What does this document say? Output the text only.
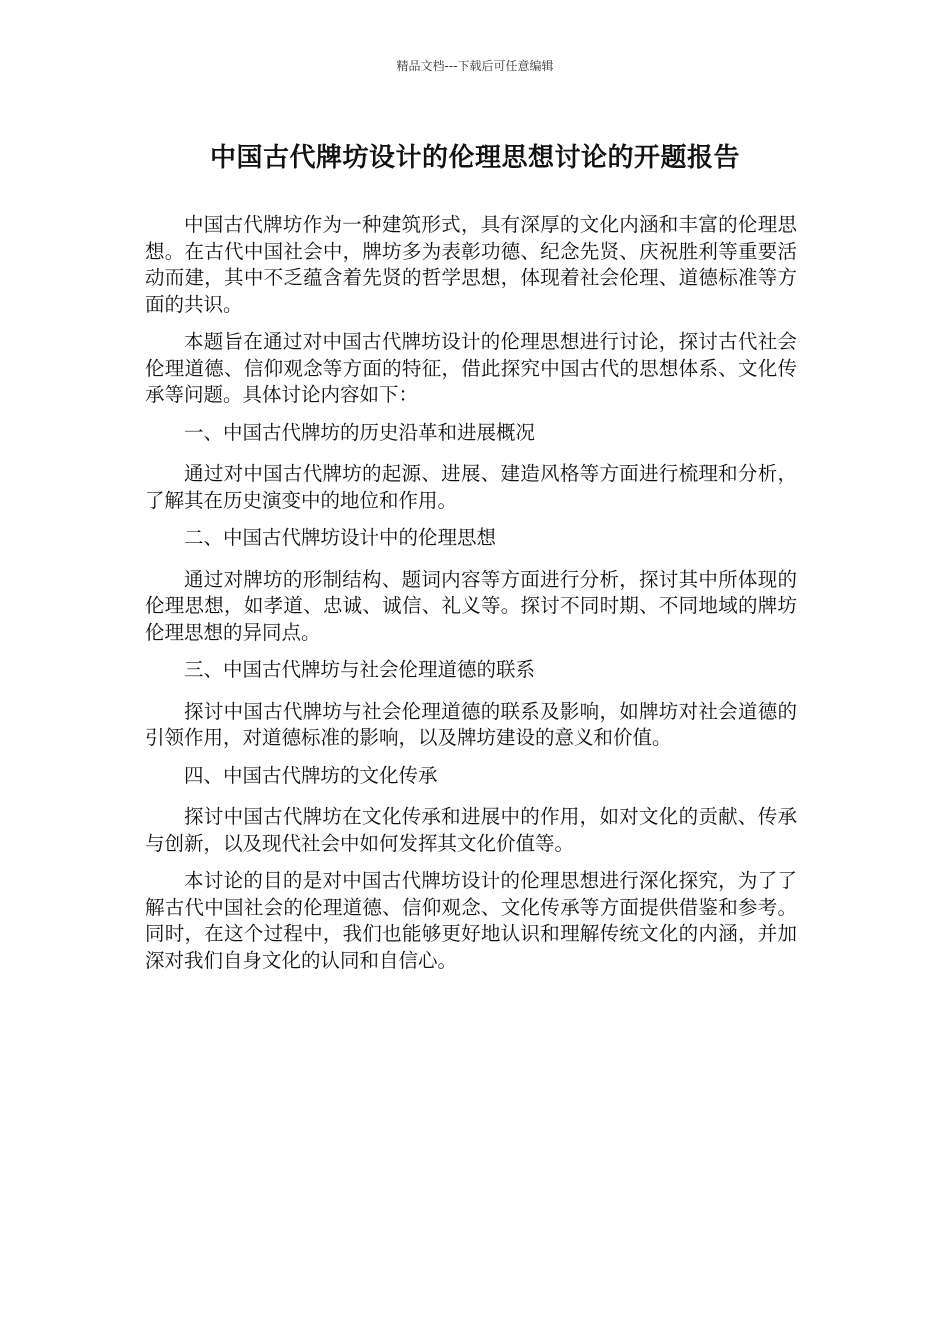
精品文档---下载后可任意编辑
中国古代牌坊设计的伦理思想讨论的开题报告

中国古代牌坊作为一种建筑形式，具有深厚的文化内涵和丰富的伦理思想。在古代中国社会中，牌坊多为表彰功德、纪念先贤、庆祝胜利等重要活动而建，其中不乏蕴含着先贤的哲学思想，体现着社会伦理、道德标准等方面的共识。

本题旨在通过对中国古代牌坊设计的伦理思想进行讨论，探讨古代社会伦理道德、信仰观念等方面的特征，借此探究中国古代的思想体系、文化传承等问题。具体讨论内容如下：

一、中国古代牌坊的历史沿革和进展概况

通过对中国古代牌坊的起源、进展、建造风格等方面进行梳理和分析，了解其在历史演变中的地位和作用。

二、中国古代牌坊设计中的伦理思想

通过对牌坊的形制结构、题词内容等方面进行分析，探讨其中所体现的伦理思想，如孝道、忠诚、诚信、礼义等。探讨不同时期、不同地域的牌坊伦理思想的异同点。

三、中国古代牌坊与社会伦理道德的联系

探讨中国古代牌坊与社会伦理道德的联系及影响，如牌坊对社会道德的引领作用，对道德标准的影响，以及牌坊建设的意义和价值。

四、中国古代牌坊的文化传承

探讨中国古代牌坊在文化传承和进展中的作用，如对文化的贡献、传承与创新，以及现代社会中如何发挥其文化价值等。

本讨论的目的是对中国古代牌坊设计的伦理思想进行深化探究，为了了解古代中国社会的伦理道德、信仰观念、文化传承等方面提供借鉴和参考。同时，在这个过程中，我们也能够更好地认识和理解传统文化的内涵，并加深对我们自身文化的认同和自信心。
